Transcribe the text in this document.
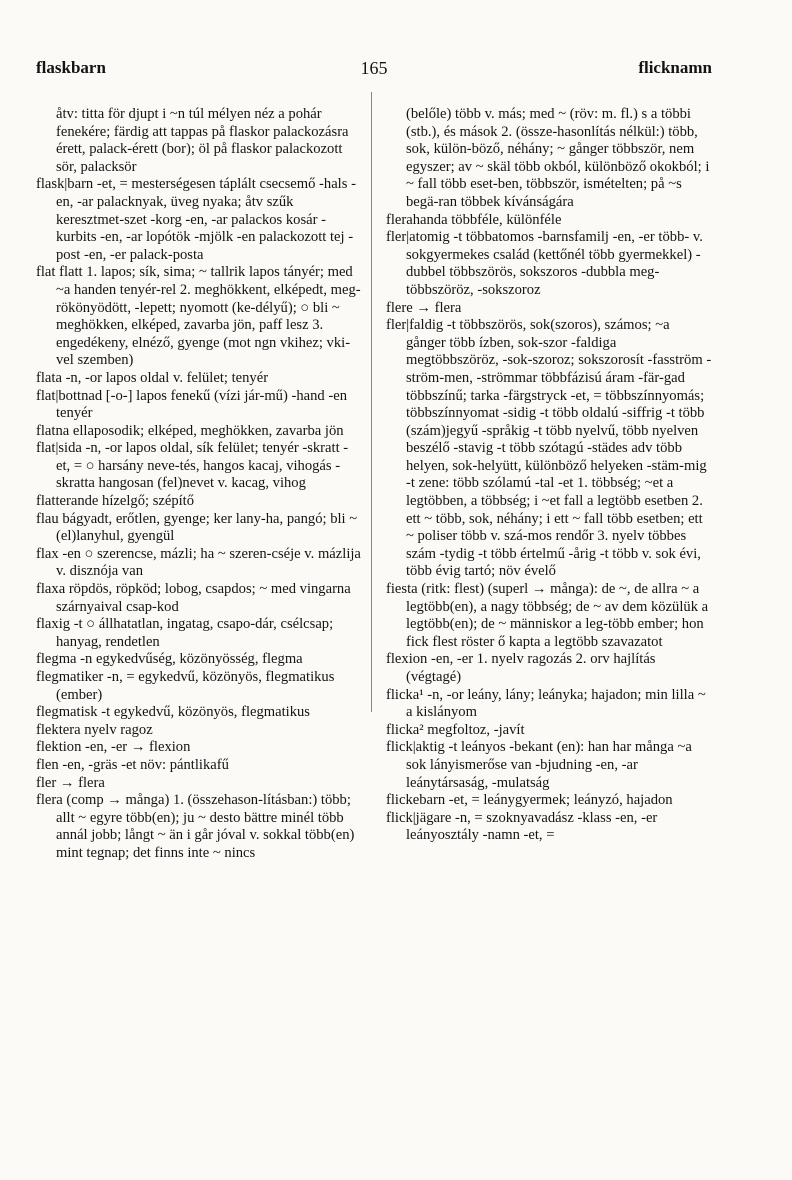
flaskbarn	165	flicknamn

åtv: titta för djupt i ~n túl mélyen néz a pohár fenekére; färdig att tappas på flaskor palackozásra érett, palack-érett (bor); öl på flaskor palackozott sör, palacksör

flask|barn -et, = mesterségesen táplált csecsemő -hals -en, -ar palacknyak, üveg nyaka; åtv szűk keresztmet-szet -korg -en, -ar palackos kosár -kurbits -en, -ar lopótök -mjölk -en palackozott tej -post -en, -er palack-posta

flat flatt 1. lapos; sík, sima; ~ tallrik lapos tányér; med ~a handen tenyér-rel 2. meghökkent, elképedt, meg-rökönyödött, -lepett; nyomott (ke-délyű); ○ bli ~ meghökken, elképed, zavarba jön, paff lesz 3. engedékeny, elnéző, gyenge (mot ngn vkihez; vki-vel szemben)

flata -n, -or lapos oldal v. felület; tenyér

flat|bottnad [-o-] lapos fenekű (vízi jár-mű) -hand -en tenyér

flatna ellaposodik; elképed, meghökken, zavarba jön

flat|sida -n, -or lapos oldal, sík felület; tenyér -skratt -et, = ○ harsány neve-tés, hangos kacaj, vihogás -skratta hangosan (fel)nevet v. kacag, vihog

flatterande hízelgő; szépítő

flau bágyadt, erőtlen, gyenge; ker lany-ha, pangó; bli ~ (el)lanyhul, gyengül

flax -en ○ szerencse, mázli; ha ~ szeren-cséje v. mázlija v. disznója van

flaxa röpdös, röpköd; lobog, csapdos; ~ med vingarna szárnyaival csap-kod

flaxig -t ○ állhatatlan, ingatag, csapo-dár, csélcsap; hanyag, rendetlen

flegma -n egykedvűség, közönyösség, flegma

flegmatiker -n, = egykedvű, közönyös, flegmatikus (ember)

flegmatisk -t egykedvű, közönyös, flegmatikus

flektera nyelv ragoz

flektion -en, -er → flexion

flen -en, -gräs -et növ: pántlikafű

fler → flera

flera (comp → många) 1. (összehason-lításban:) több; allt ~ egyre több(en); ju ~ desto bättre minél több annál jobb; långt ~ än i går jóval v. sokkal több(en) mint tegnap; det finns inte ~ nincs

(belőle) több v. más; med ~ (röv: m. fl.) s a többi (stb.), és mások 2. (össze-hasonlítás nélkül:) több, sok, külön-böző, néhány; ~ gånger többször, nem egyszer; av ~ skäl több okból, különböző okokból; i ~ fall több eset-ben, többször, ismételten; på ~s begä-ran többek kívánságára

flerahanda többféle, különféle

fler|atomig -t többatomos -barnsfamilj -en, -er több- v. sokgyermekes család (kettőnél több gyermekkel) -dubbel többszörös, sokszoros -dubbla meg-többszöröz, -sokszoroz

flere → flera

fler|faldig -t többszörös, sok(szoros), számos; ~a gånger több ízben, sok-szor -faldiga megtöbbszöröz, -sok-szoroz; sokszorosít -fasström -ström-men, -strömmar többfázisú áram -fär-gad többszínű; tarka -färgstryck -et, = többszínnyomás; többszínnyomat -sidig -t több oldalú -siffrig -t több (szám)jegyű -språkig -t több nyelvű, több nyelven beszélő -stavig -t több szótagú -städes adv több helyen, sok-helyütt, különböző helyeken -stäm-mig -t zene: több szólamú -tal -et 1. többség; ~et a legtöbben, a többség; i ~et fall a legtöbb esetben 2. ett ~ több, sok, néhány; i ett ~ fall több esetben; ett ~ poliser több v. szá-mos rendőr 3. nyelv többes szám -tydig -t több értelmű -årig -t több v. sok évi, több évig tartó; növ évelő

fiesta (ritk: flest) (superl → många): de ~, de allra ~ a legtöbb(en), a nagy többség; de ~ av dem közülük a legtöbb(en); de ~ människor a leg-több ember; hon fick flest röster ő kapta a legtöbb szavazatot

flexion -en, -er 1. nyelv ragozás 2. orv hajlítás (végtagé)

flicka¹ -n, -or leány, lány; leányka; hajadon; min lilla ~ a kislányom

flicka² megfoltoz, -javít

flick|aktig -t leányos -bekant (en): han har många ~a sok lányismerőse van -bjudning -en, -ar leánytársaság, -mulatság

flickebarn -et, = leánygyermek; leányzó, hajadon

flick|jägare -n, = szoknyavadász -klass -en, -er leányosztály -namn -et, =
